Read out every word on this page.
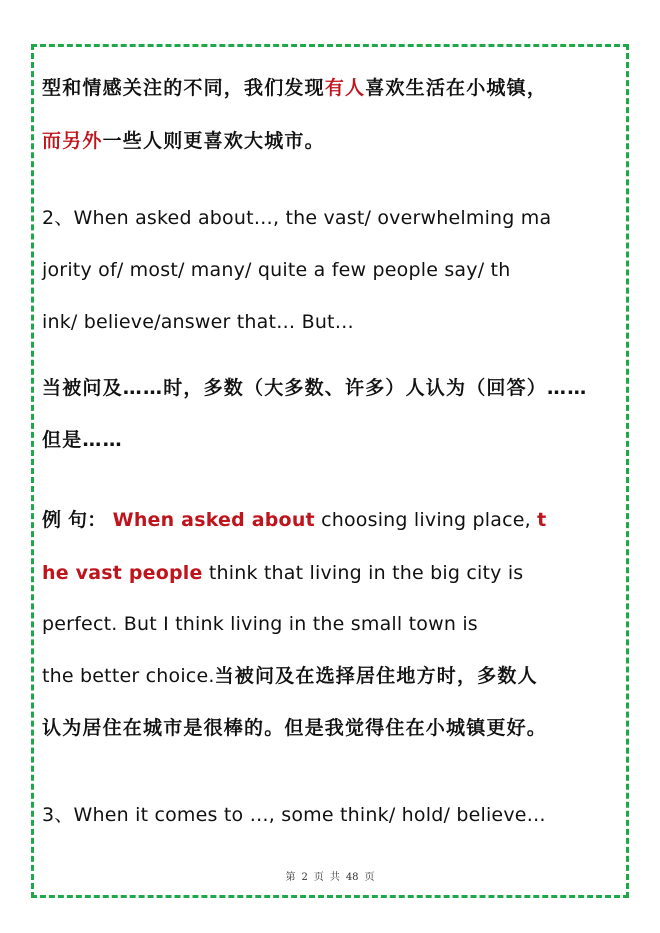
型和情感关注的不同，我们发现有人喜欢生活在小城镇，
而另外一些人则更喜欢大城市。
2、When asked about…, the vast/ overwhelming ma
jority of/ most/ many/ quite a few people say/ th
ink/ believe/answer that… But…
当被问及……时，多数（大多数、许多）人认为（回答）……
但是……
例 句： When asked about choosing living place, t
he vast people think that living in the big city is
perfect. But I think living in the small town is
the better choice.当被问及在选择居住地方时，多数人
认为居住在城市是很棒的。但是我觉得住在小城镇更好。
3、When it comes to …, some think/ hold/ believe…
第 2 页 共 48 页
